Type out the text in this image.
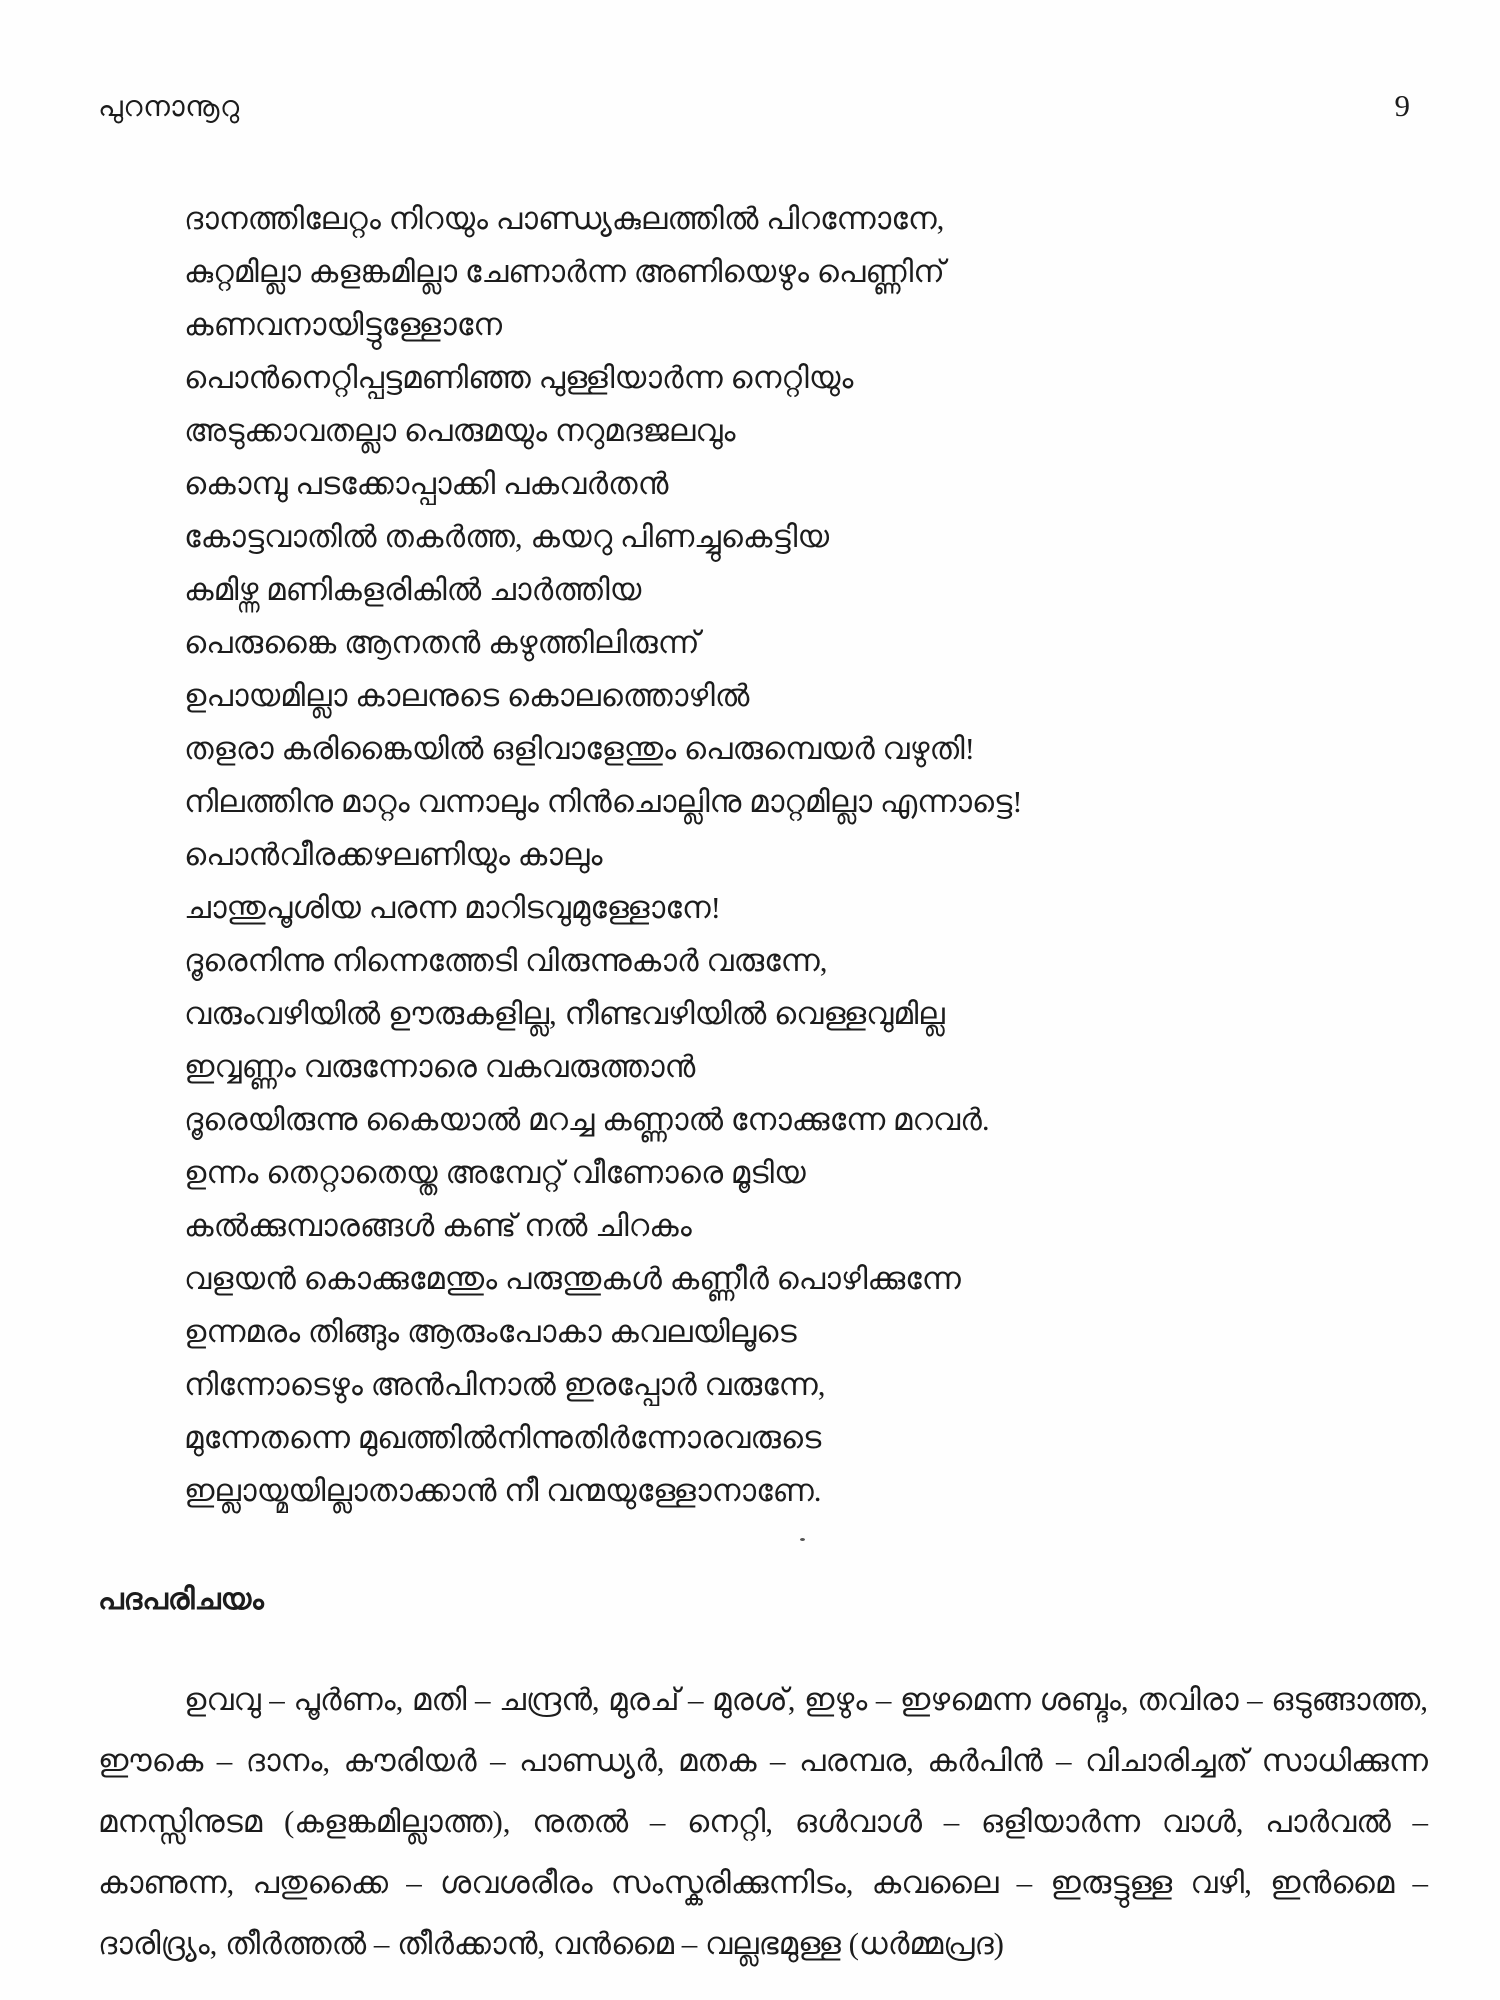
പുറനാനൂറു	9
ദാനത്തിലേറ്റം നിറയും പാണ്ഡ്യകുലത്തിൽ പിറന്നോനേ,
കുറ്റമില്ലാ കളങ്കമില്ലാ ചേണാർന്ന അണിയെഴും പെണ്ണിന്
കണവനായിട്ടുള്ളോനേ
പൊൻനെറ്റിപ്പട്ടമണിഞ്ഞ പുള്ളിയാർന്ന നെറ്റിയും
അടുക്കാവതല്ലാ പെരുമയും നറുമദജലവും
കൊമ്പു പടക്കോപ്പാക്കി പകവർതൻ
കോട്ടവാതിൽ തകർത്ത, കയറു പിണച്ചുകെട്ടിയ
കമിഴ്ന്ന മണികളരികിൽ ചാർത്തിയ
പെരുങ്കൈ ആനതൻ കഴുത്തിലിരുന്ന്
ഉപായമില്ലാ കാലനുടെ കൊലത്തൊഴിൽ
തളരാ കരിങ്കൈയിൽ ഒളിവാളേന്തും പെരുമ്പെയർ വഴുതി!
നിലത്തിനു മാറ്റം വന്നാലും നിൻചൊല്ലിനു മാറ്റമില്ലാ എന്നാട്ടെ!
പൊൻവീരക്കഴലണിയും കാലും
ചാന്തുപൂശിയ പരന്ന മാറിടവുമുള്ളോനേ!
ദൂരെനിന്നു നിന്നെത്തേടി വിരുന്നുകാർ വരുന്നേ,
വരുംവഴിയിൽ ഊരുകളില്ല, നീണ്ടവഴിയിൽ വെള്ളവുമില്ല
ഇവ്വണ്ണം വരുന്നോരെ വകവരുത്താൻ
ദൂരെയിരുന്നു കൈയാൽ മറച്ച കണ്ണാൽ നോക്കുന്നേ മറവർ.
ഉന്നം തെറ്റാതെയ്ത അമ്പേറ്റ് വീണോരെ മൂടിയ
കൽക്കുമ്പാരങ്ങൾ കണ്ട് നൽ ചിറകം
വളയൻ കൊക്കുമേന്തും പരുന്തുകൾ കണ്ണീർ പൊഴിക്കുന്നേ
ഉന്നമരം തിങ്ങും ആരുംപോകാ കവലയിലൂടെ
നിന്നോടെഴും അൻപിനാൽ ഇരപ്പോർ വരുന്നേ,
മുന്നേതന്നെ മുഖത്തിൽനിന്നുതിർന്നോരവരുടെ
ഇല്ലായ്മയില്ലാതാക്കാൻ നീ വന്മയുള്ളോനാണേ.
പദപരിചയം
ഉവവു – പൂർണം, മതി – ചന്ദ്രൻ, മുരച് – മുരശ്, ഇഴും – ഇഴമെന്ന ശബ്ദം, തവിരാ – ഒടുങ്ങാത്ത, ഈകെ – ദാനം, കൗരിയർ – പാണ്ഡ്യർ, മതക – പരമ്പര, കർപിൻ – വിചാരിച്ചത് സാധിക്കുന്ന മനസ്സിനുടമ (കളങ്കമില്ലാത്ത), നുതൽ – നെറ്റി, ഒൾവാൾ – ഒളിയാർന്ന വാൾ, പാർവൽ – കാണുന്ന, പതുക്കൈ – ശവശരീരം സംസ്കരിക്കുന്നിടം, കവലൈ – ഇരുട്ടുള്ള വഴി, ഇൻമൈ – ദാരിദ്ര്യം, തീർത്തൽ – തീർക്കാൻ, വൻമൈ – വല്ലഭമുള്ള (ധർമ്മപ്രദ)
